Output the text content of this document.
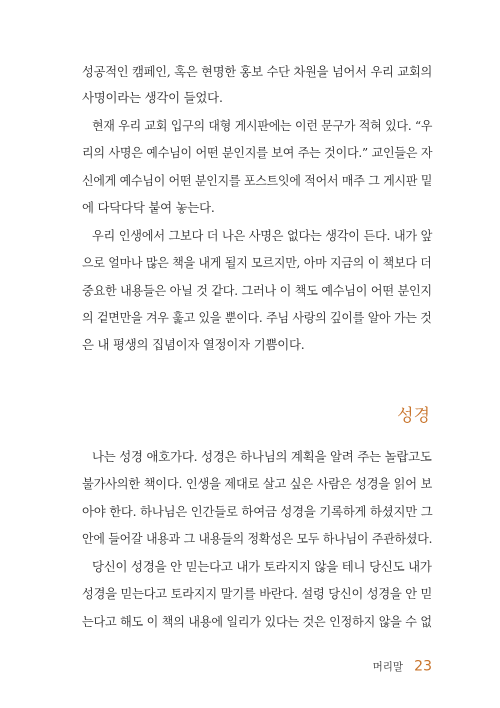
성공적인 캠페인, 혹은 현명한 홍보 수단 차원을 넘어서 우리 교회의
사명이라는 생각이 들었다.
현재 우리 교회 입구의 대형 게시판에는 이런 문구가 적혀 있다. “우
리의 사명은 예수님이 어떤 분인지를 보여 주는 것이다.” 교인들은 자
신에게 예수님이 어떤 분인지를 포스트잇에 적어서 매주 그 게시판 밑
에 다닥다닥 붙여 놓는다.
우리 인생에서 그보다 더 나은 사명은 없다는 생각이 든다. 내가 앞
으로 얼마나 많은 책을 내게 될지 모르지만, 아마 지금의 이 책보다 더
중요한 내용들은 아닐 것 같다. 그러나 이 책도 예수님이 어떤 분인지
의 겉면만을 겨우 훑고 있을 뿐이다. 주님 사랑의 깊이를 알아 가는 것
은 내 평생의 집념이자 열정이자 기쁨이다.
성경
나는 성경 애호가다. 성경은 하나님의 계획을 알려 주는 놀랍고도
불가사의한 책이다. 인생을 제대로 살고 싶은 사람은 성경을 읽어 보
아야 한다. 하나님은 인간들로 하여금 성경을 기록하게 하셨지만 그
안에 들어갈 내용과 그 내용들의 정확성은 모두 하나님이 주관하셨다.
당신이 성경을 안 믿는다고 내가 토라지지 않을 테니 당신도 내가
성경을 믿는다고 토라지지 말기를 바란다. 설령 당신이 성경을 안 믿
는다고 해도 이 책의 내용에 일리가 있다는 것은 인정하지 않을 수 없
머리말 23
